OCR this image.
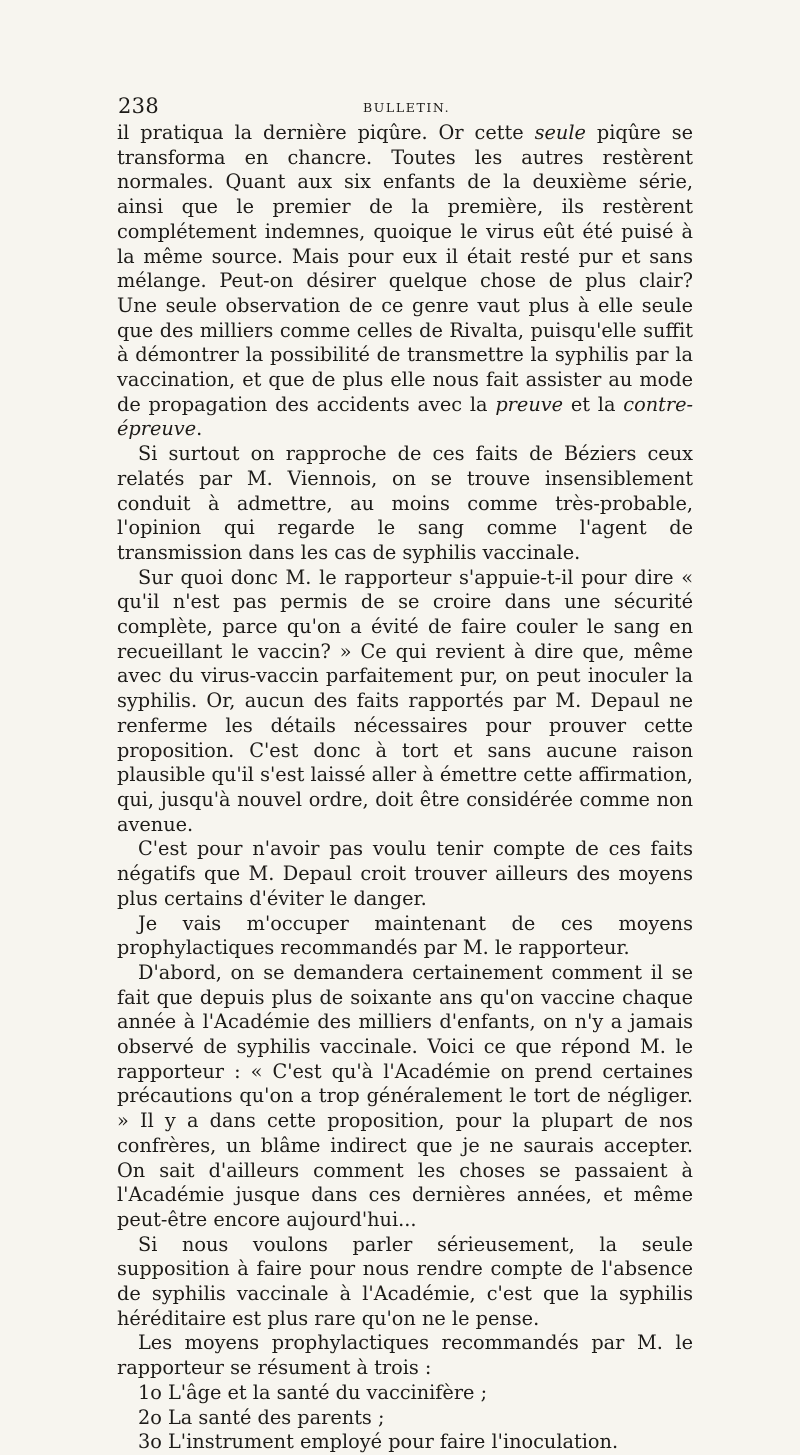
238	BULLETIN.

il pratiqua la dernière piqûre. Or cette seule piqûre se transforma en chancre. Toutes les autres restèrent normales. Quant aux six enfants de la deuxième série, ainsi que le premier de la première, ils restèrent complétement indemnes, quoique le virus eût été puisé à la même source. Mais pour eux il était resté pur et sans mélange. Peut-on désirer quelque chose de plus clair? Une seule observation de ce genre vaut plus à elle seule que des milliers comme celles de Rivalta, puisqu'elle suffit à démontrer la possibilité de transmettre la syphilis par la vaccination, et que de plus elle nous fait assister au mode de propagation des accidents avec la preuve et la contre-épreuve.

Si surtout on rapproche de ces faits de Béziers ceux relatés par M. Viennois, on se trouve insensiblement conduit à admettre, au moins comme très-probable, l'opinion qui regarde le sang comme l'agent de transmission dans les cas de syphilis vaccinale.

Sur quoi donc M. le rapporteur s'appuie-t-il pour dire « qu'il n'est pas permis de se croire dans une sécurité complète, parce qu'on a évité de faire couler le sang en recueillant le vaccin? » Ce qui revient à dire que, même avec du virus-vaccin parfaitement pur, on peut inoculer la syphilis. Or, aucun des faits rapportés par M. Depaul ne renferme les détails nécessaires pour prouver cette proposition. C'est donc à tort et sans aucune raison plausible qu'il s'est laissé aller à émettre cette affirmation, qui, jusqu'à nouvel ordre, doit être considérée comme non avenue.

C'est pour n'avoir pas voulu tenir compte de ces faits négatifs que M. Depaul croit trouver ailleurs des moyens plus certains d'éviter le danger.

Je vais m'occuper maintenant de ces moyens prophylactiques recommandés par M. le rapporteur.

D'abord, on se demandera certainement comment il se fait que depuis plus de soixante ans qu'on vaccine chaque année à l'Académie des milliers d'enfants, on n'y a jamais observé de syphilis vaccinale. Voici ce que répond M. le rapporteur : « C'est qu'à l'Académie on prend certaines précautions qu'on a trop généralement le tort de négliger. » Il y a dans cette proposition, pour la plupart de nos confrères, un blâme indirect que je ne saurais accepter. On sait d'ailleurs comment les choses se passaient à l'Académie jusque dans ces dernières années, et même peut-être encore aujourd'hui...

Si nous voulons parler sérieusement, la seule supposition à faire pour nous rendre compte de l'absence de syphilis vaccinale à l'Académie, c'est que la syphilis héréditaire est plus rare qu'on ne le pense.

Les moyens prophylactiques recommandés par M. le rapporteur se résument à trois :

1o L'âge et la santé du vaccinifère ;

2o La santé des parents ;

3o L'instrument employé pour faire l'inoculation.
